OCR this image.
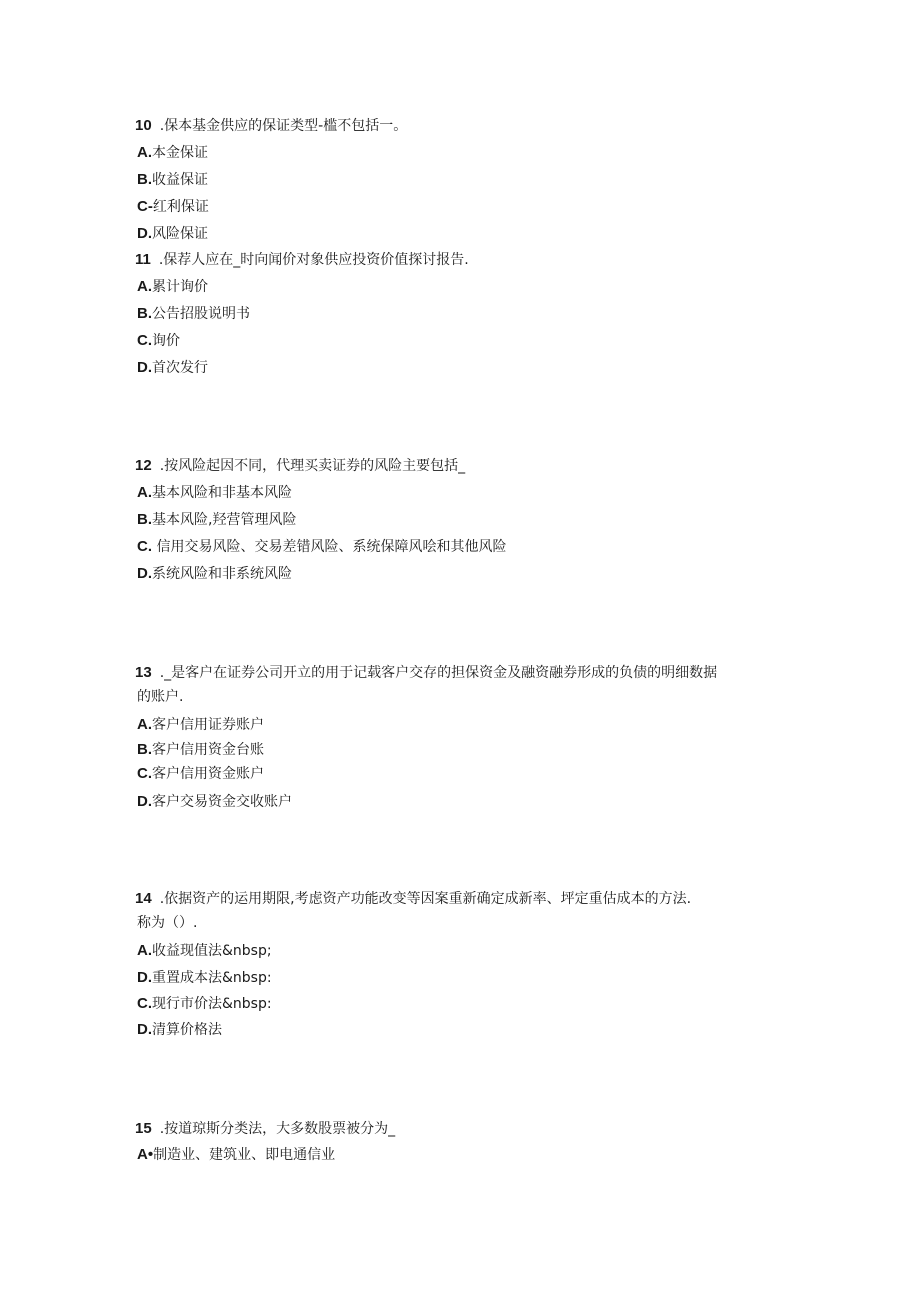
10 .保本基金供应的保证类型-槛不包括一。
A.本金保证
B.收益保证
C-红利保证
D.风险保证
11 .保荐人应在_时向闻价对象供应投资价值探讨报告.
A.累计询价
B.公告招股说明书
C.询价
D.首次发行
12 .按风险起因不同，代理买卖证券的风险主要包括_
A.基本风险和非基本风险
B.基本风险,羟营管理风险
C. 信用交易风险、交易差错风险、系统保障风哙和其他风险
D.系统风险和非系统风险
13 ._是客户在证券公司开立的用于记载客户交存的担保资金及融资融券形成的负债的明细数据
的账户.
A.客户信用证券账户
B.客户信用资金台账
C.客户信用资金账户
D.客户交易资金交收账户
14 .依据资产的运用期限,考虑资产功能改变等因案重新确定成新率、坪定重估成本的方法.
称为（）.
A.收益现值法&nbsp;
D.重置成本法&nbsp:
C.现行市价法&nbsp:
D.清算价格法
15 .按道琼斯分类法，大多数股票被分为_
A•制造业、建筑业、即电通信业
